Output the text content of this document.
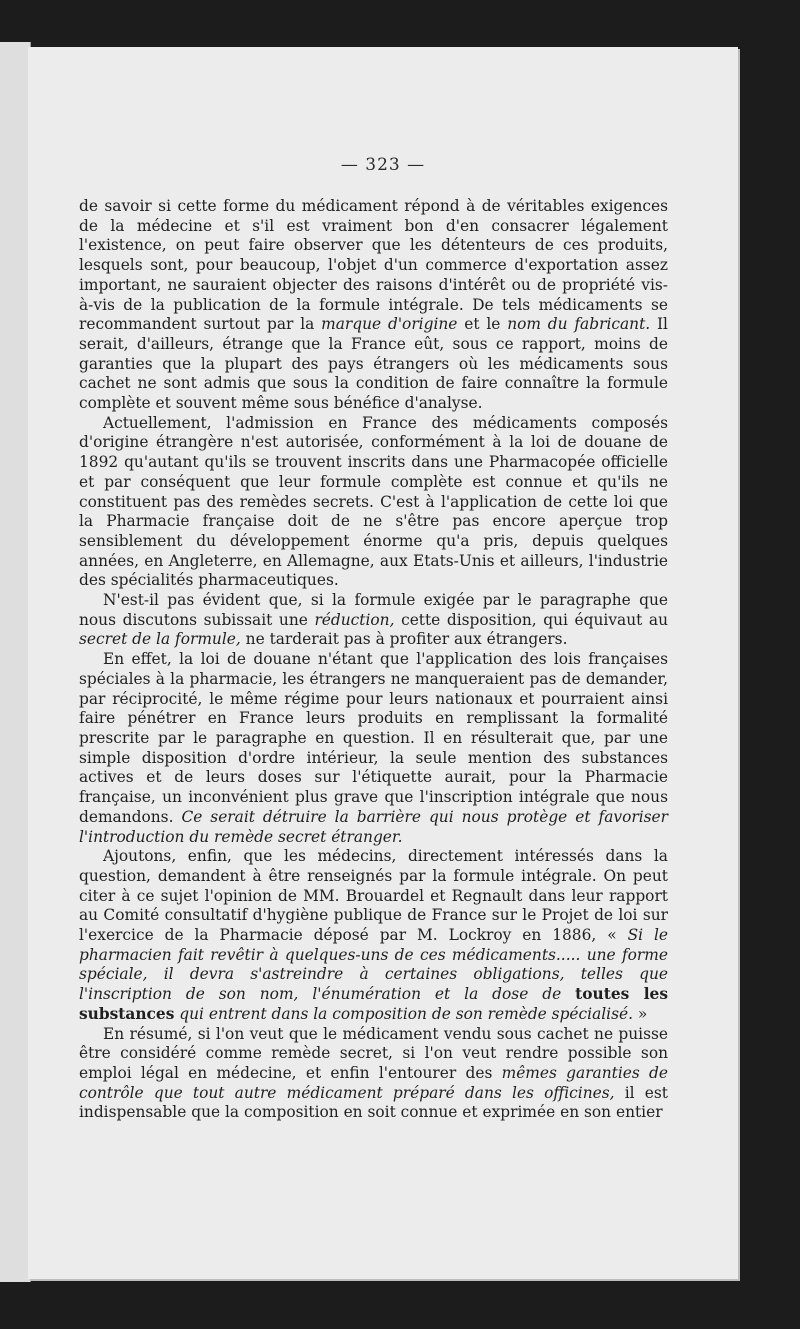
— 323 —

de savoir si cette forme du médicament répond à de véritables exigences de la médecine et s'il est vraiment bon d'en consacrer légalement l'existence, on peut faire observer que les détenteurs de ces produits, lesquels sont, pour beaucoup, l'objet d'un commerce d'exportation assez important, ne sauraient objecter des raisons d'intérêt ou de propriété vis-à-vis de la publication de la formule intégrale. De tels médicaments se recommandent surtout par la marque d'origine et le nom du fabricant. Il serait, d'ailleurs, étrange que la France eût, sous ce rapport, moins de garanties que la plupart des pays étrangers où les médicaments sous cachet ne sont admis que sous la condition de faire connaître la formule complète et souvent même sous bénéfice d'analyse.

Actuellement, l'admission en France des médicaments composés d'origine étrangère n'est autorisée, conformément à la loi de douane de 1892 qu'autant qu'ils se trouvent inscrits dans une Pharmacopée officielle et par conséquent que leur formule complète est connue et qu'ils ne constituent pas des remèdes secrets. C'est à l'application de cette loi que la Pharmacie française doit de ne s'être pas encore aperçue trop sensiblement du développement énorme qu'a pris, depuis quelques années, en Angleterre, en Allemagne, aux Etats-Unis et ailleurs, l'industrie des spécialités pharmaceutiques.

N'est-il pas évident que, si la formule exigée par le paragraphe que nous discutons subissait une réduction, cette disposition, qui équivaut au secret de la formule, ne tarderait pas à profiter aux étrangers.

En effet, la loi de douane n'étant que l'application des lois françaises spéciales à la pharmacie, les étrangers ne manqueraient pas de demander, par réciprocité, le même régime pour leurs nationaux et pourraient ainsi faire pénétrer en France leurs produits en remplissant la formalité prescrite par le paragraphe en question. Il en résulterait que, par une simple disposition d'ordre intérieur, la seule mention des substances actives et de leurs doses sur l'étiquette aurait, pour la Pharmacie française, un inconvénient plus grave que l'inscription intégrale que nous demandons. Ce serait détruire la barrière qui nous protège et favoriser l'introduction du remède secret étranger.

Ajoutons, enfin, que les médecins, directement intéressés dans la question, demandent à être renseignés par la formule intégrale. On peut citer à ce sujet l'opinion de MM. Brouardel et Regnault dans leur rapport au Comité consultatif d'hygiène publique de France sur le Projet de loi sur l'exercice de la Pharmacie déposé par M. Lockroy en 1886, « Si le pharmacien fait revêtir à quelques-uns de ces médicaments..... une forme spéciale, il devra s'astreindre à certaines obligations, telles que l'inscription de son nom, l'énumération et la dose de toutes les substances qui entrent dans la composition de son remède spécialisé. »

En résumé, si l'on veut que le médicament vendu sous cachet ne puisse être considéré comme remède secret, si l'on veut rendre possible son emploi légal en médecine, et enfin l'entourer des mêmes garanties de contrôle que tout autre médicament préparé dans les officines, il est indispensable que la composition en soit connue et exprimée en son entier
